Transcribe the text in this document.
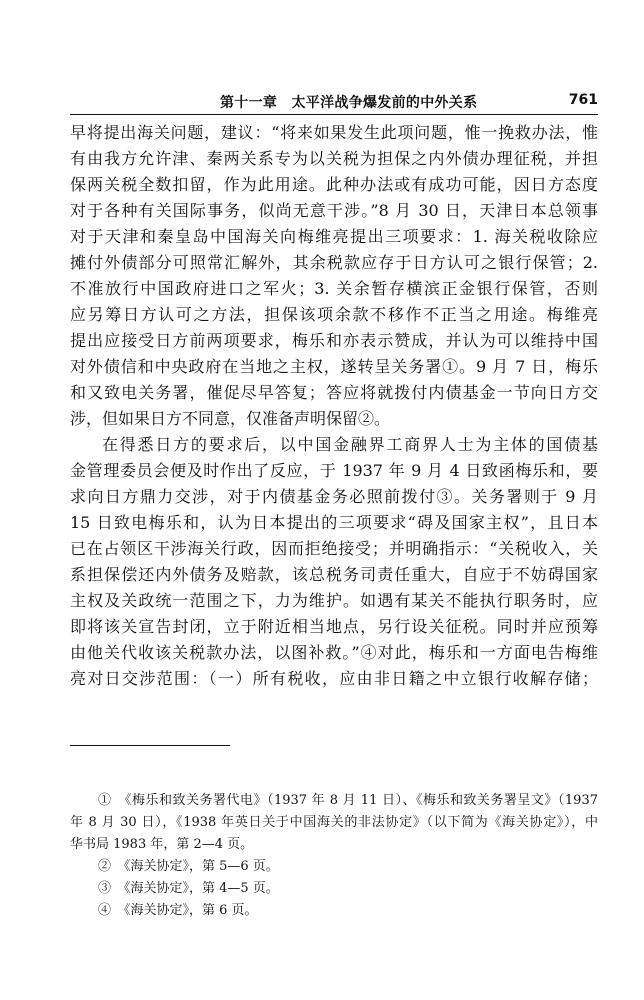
第十一章　太平洋战争爆发前的中外关系	761
早将提出海关问题，建议：“将来如果发生此项问题，惟一挽救办法，惟
有由我方允许津、秦两关系专为以关税为担保之内外债办理征税，并担
保两关税全数扣留，作为此用途。此种办法或有成功可能，因日方态度
对于各种有关国际事务，似尚无意干涉。”8 月 30 日，天津日本总领事
对于天津和秦皇岛中国海关向梅维亮提出三项要求：1. 海关税收除应
摊付外债部分可照常汇解外，其余税款应存于日方认可之银行保管；2.
不准放行中国政府进口之军火；3. 关余暂存横滨正金银行保管，否则
应另筹日方认可之方法，担保该项余款不移作不正当之用途。梅维亮
提出应接受日方前两项要求，梅乐和亦表示赞成，并认为可以维持中国
对外债信和中央政府在当地之主权，遂转呈关务署①。9 月 7 日，梅乐
和又致电关务署，催促尽早答复；答应将就拨付内债基金一节向日方交
涉，但如果日方不同意，仅准备声明保留②。
在得悉日方的要求后，以中国金融界工商界人士为主体的国债基
金管理委员会便及时作出了反应，于 1937 年 9 月 4 日致函梅乐和，要
求向日方鼎力交涉，对于内债基金务必照前拨付③。关务署则于 9 月
15 日致电梅乐和，认为日本提出的三项要求“碍及国家主权”，且日本
已在占领区干涉海关行政，因而拒绝接受；并明确指示：“关税收入，关
系担保偿还内外债务及赔款，该总税务司责任重大，自应于不妨碍国家
主权及关政统一范围之下，力为维护。如遇有某关不能执行职务时，应
即将该关宣告封闭，立于附近相当地点，另行设关征税。同时并应预筹
由他关代收该关税款办法，以图补救。”④对此，梅乐和一方面电告梅维
亮对日交涉范围：（一）所有税收，应由非日籍之中立银行收解存储；
①　《梅乐和致关务署代电》（1937 年 8 月 11 日）、《梅乐和致关务署呈文》（1937
年 8 月 30 日），《1938 年英日关于中国海关的非法协定》（以下简为《海关协定》），中
华书局 1983 年，第 2—4 页。
②　《海关协定》，第 5—6 页。
③　《海关协定》，第 4—5 页。
④　《海关协定》，第 6 页。
